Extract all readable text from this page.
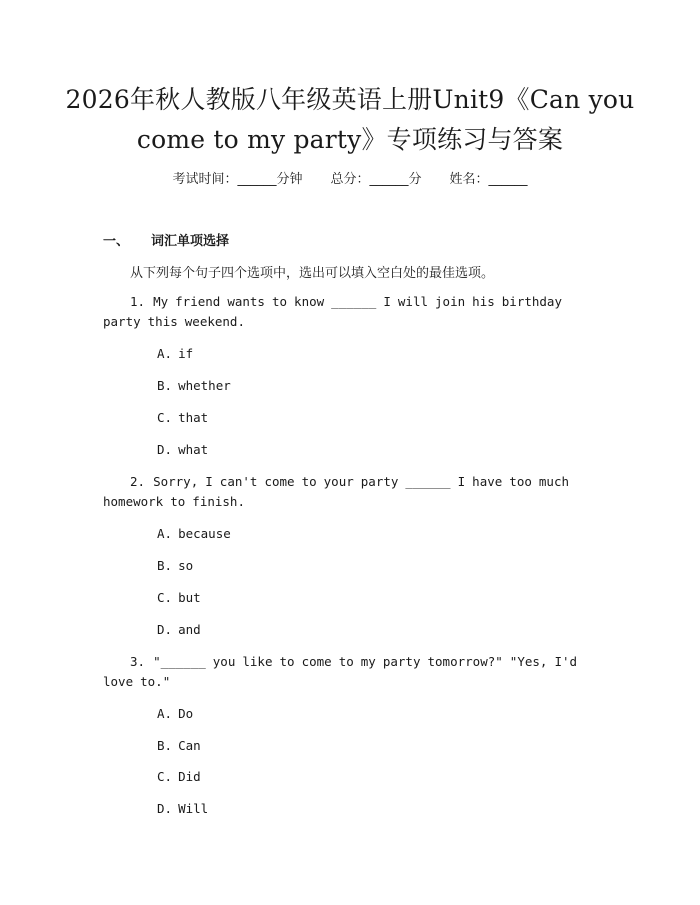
2026年秋人教版八年级英语上册Unit9《Can you come to my party》专项练习与答案
考试时间：______分钟 总分：______分 姓名：______
一、 词汇单项选择
从下列每个句子四个选项中，选出可以填入空白处的最佳选项。
1. My friend wants to know ______ I will join his birthday party this weekend.
A. if
B. whether
C. that
D. what
2. Sorry, I can't come to your party ______ I have too much homework to finish.
A. because
B. so
C. but
D. and
3. "______ you like to come to my party tomorrow?" "Yes, I'd love to."
A. Do
B. Can
C. Did
D. Will
